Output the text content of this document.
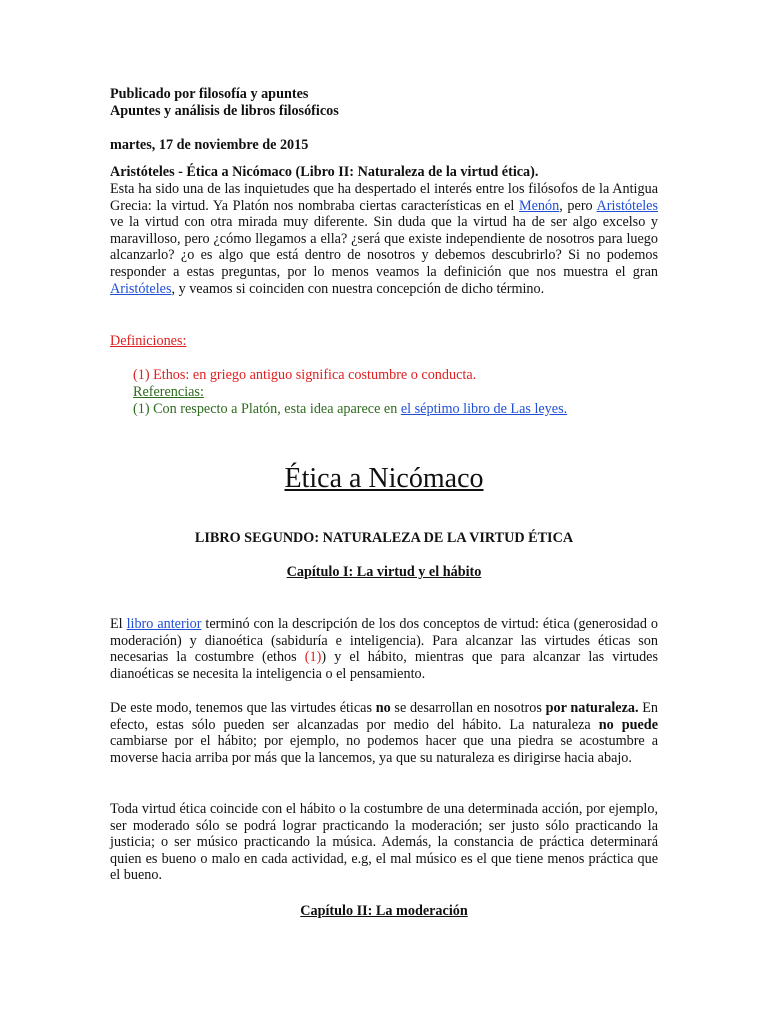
Publicado por filosofía y apuntes

Apuntes y análisis de libros filosóficos

martes, 17 de noviembre de 2015

Aristóteles - Ética a Nicómaco (Libro II: Naturaleza de la virtud ética).

Esta ha sido una de las inquietudes que ha despertado el interés entre los filósofos de la Antigua Grecia: la virtud. Ya Platón nos nombraba ciertas características en el Menón, pero Aristóteles ve la virtud con otra mirada muy diferente. Sin duda que la virtud ha de ser algo excelso y maravilloso, pero ¿cómo llegamos a ella? ¿será que existe independiente de nosotros para luego alcanzarlo? ¿o es algo que está dentro de nosotros y debemos descubrirlo? Si no podemos responder a estas preguntas, por lo menos veamos la definición que nos muestra el gran Aristóteles, y veamos si coinciden con nuestra concepción de dicho término.

Definiciones:

(1) Ethos: en griego antiguo significa costumbre o conducta.

Referencias:

(1) Con respecto a Platón, esta idea aparece en el séptimo libro de Las leyes.

Ética a Nicómaco

LIBRO SEGUNDO: NATURALEZA DE LA VIRTUD ÉTICA

Capítulo I: La virtud y el hábito

El libro anterior terminó con la descripción de los dos conceptos de virtud: ética (generosidad o moderación) y dianoética (sabiduría e inteligencia). Para alcanzar las virtudes éticas son necesarias la costumbre (ethos (1)) y el hábito, mientras que para alcanzar las virtudes dianoéticas se necesita la inteligencia o el pensamiento.

De este modo, tenemos que las virtudes éticas no se desarrollan en nosotros por naturaleza. En efecto, estas sólo pueden ser alcanzadas por medio del hábito. La naturaleza no puede cambiarse por el hábito; por ejemplo, no podemos hacer que una piedra se acostumbre a moverse hacia arriba por más que la lancemos, ya que su naturaleza es dirigirse hacia abajo.

Toda virtud ética coincide con el hábito o la costumbre de una determinada acción, por ejemplo, ser moderado sólo se podrá lograr practicando la moderación; ser justo sólo practicando la justicia; o ser músico practicando la música. Además, la constancia de práctica determinará quien es bueno o malo en cada actividad, e.g, el mal músico es el que tiene menos práctica que el bueno.

Capítulo II: La moderación
